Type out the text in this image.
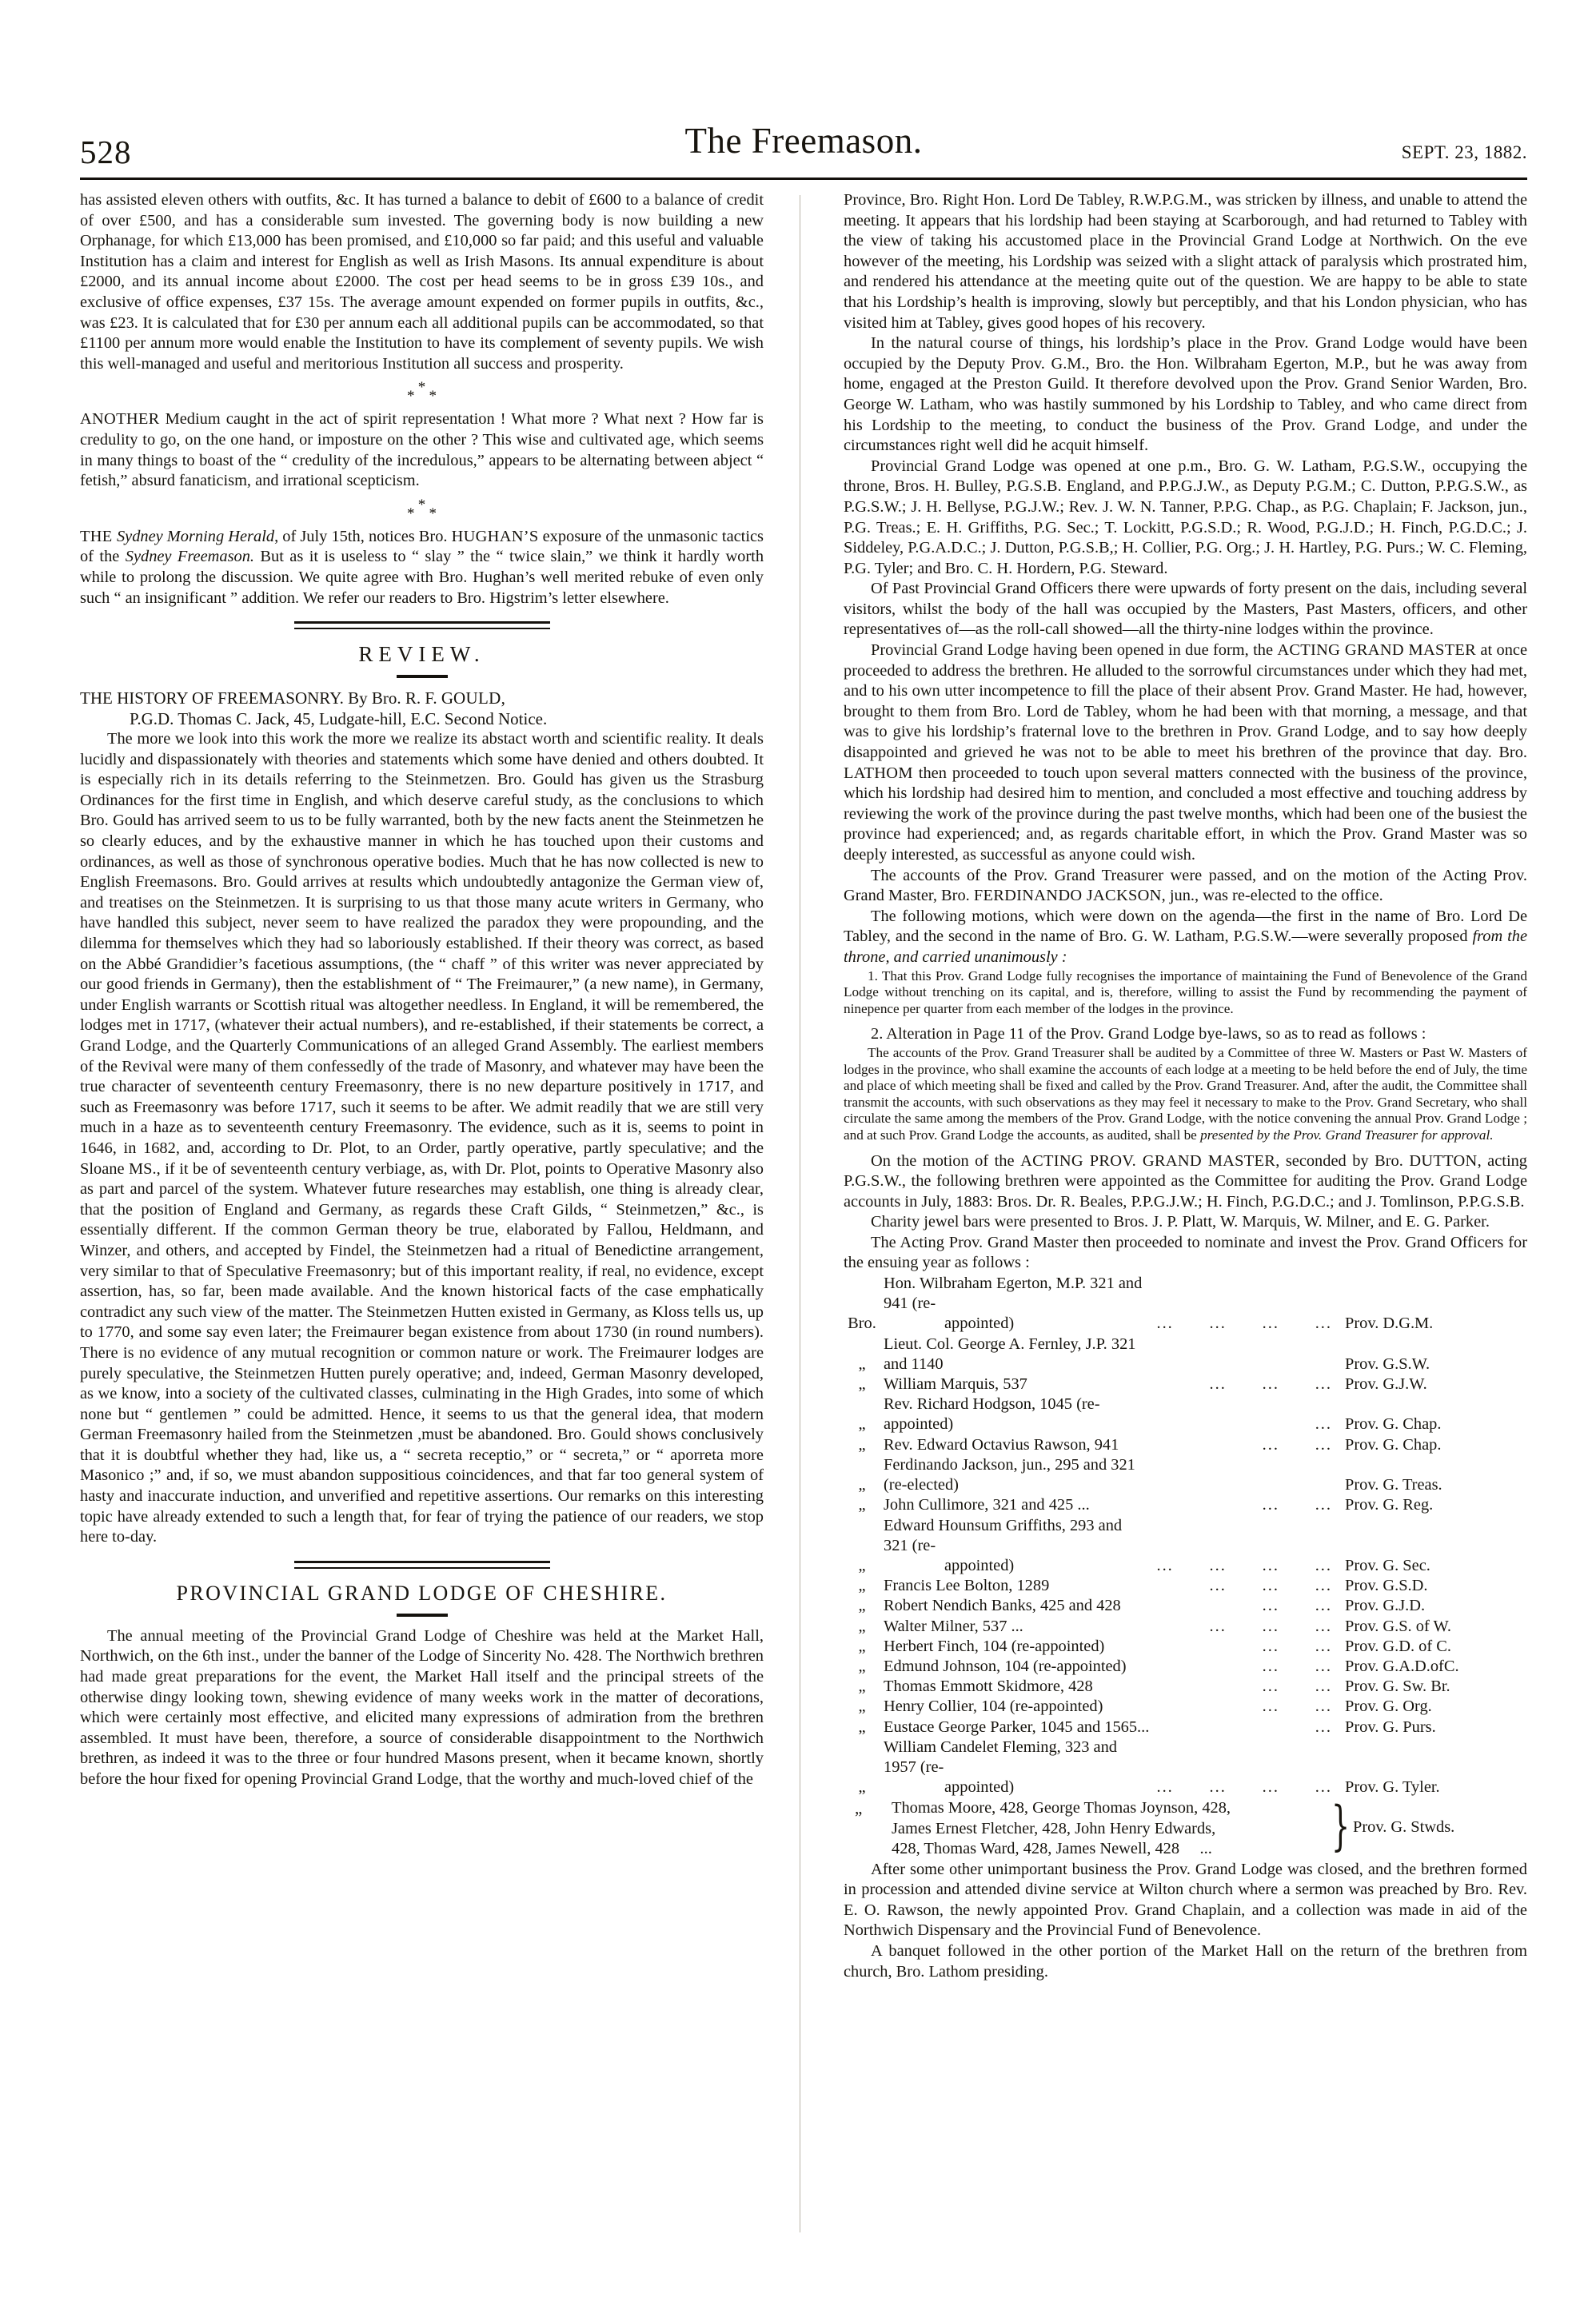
528	The Freemason.	SEPT. 23, 1882.

has assisted eleven others with outfits, &c. It has turned a balance to debit of £600 to a balance of credit of over £500, and has a considerable sum invested. The governing body is now building a new Orphanage, for which £13,000 has been promised, and £10,000 so far paid; and this useful and valuable Institution has a claim and interest for English as well as Irish Masons. Its annual expenditure is about £2000, and its annual income about £2000. The cost per head seems to be in gross £39 10s., and exclusive of office expenses, £37 15s. The average amount expended on former pupils in outfits, &c., was £23. It is calculated that for £30 per annum each all additional pupils can be accommodated, so that £1100 per annum more would enable the Institution to have its complement of seventy pupils. We wish this well-managed and useful and meritorious Institution all success and prosperity.

*
* *

ANOTHER Medium caught in the act of spirit representation ! What more ? What next ? How far is credulity to go, on the one hand, or imposture on the other ? This wise and cultivated age, which seems in many things to boast of the “ credulity of the incredulous,” appears to be alternating between abject “ fetish,” absurd fanaticism, and irrational scepticism.

*
* *

THE Sydney Morning Herald, of July 15th, notices Bro. HUGHAN’S exposure of the unmasonic tactics of the Sydney Freemason. But as it is useless to “ slay ” the “ twice slain,” we think it hardly worth while to prolong the discussion. We quite agree with Bro. Hughan’s well merited rebuke of even only such “ an insignificant ” addition. We refer our readers to Bro. Higstrim’s letter elsewhere.

REVIEW.

THE HISTORY OF FREEMASONRY. By Bro. R. F. GOULD,
P.G.D. Thomas C. Jack, 45, Ludgate-hill, E.C. Second Notice.

The more we look into this work the more we realize its abstact worth and scientific reality. It deals lucidly and dispassionately with theories and statements which some have denied and others doubted. It is especially rich in its details referring to the Steinmetzen. Bro. Gould has given us the Strasburg Ordinances for the first time in English, and which deserve careful study, as the conclusions to which Bro. Gould has arrived seem to us to be fully warranted, both by the new facts anent the Steinmetzen he so clearly educes, and by the exhaustive manner in which he has touched upon their customs and ordinances, as well as those of synchronous operative bodies. Much that he has now collected is new to English Freemasons. Bro. Gould arrives at results which undoubtedly antagonize the German view of, and treatises on the Steinmetzen. It is surprising to us that those many acute writers in Germany, who have handled this subject, never seem to have realized the paradox they were propounding, and the dilemma for themselves which they had so laboriously established. If their theory was correct, as based on the Abbé Grandidier’s facetious assumptions, (the “ chaff ” of this writer was never appreciated by our good friends in Germany), then the establishment of “ The Freimaurer,” (a new name), in Germany, under English warrants or Scottish ritual was altogether needless. In England, it will be remembered, the lodges met in 1717, (whatever their actual numbers), and re-established, if their statements be correct, a Grand Lodge, and the Quarterly Communications of an alleged Grand Assembly. The earliest members of the Revival were many of them confessedly of the trade of Masonry, and whatever may have been the true character of seventeenth century Freemasonry, there is no new departure positively in 1717, and such as Freemasonry was before 1717, such it seems to be after. We admit readily that we are still very much in a haze as to seventeenth century Freemasonry. The evidence, such as it is, seems to point in 1646, in 1682, and, according to Dr. Plot, to an Order, partly operative, partly speculative; and the Sloane MS., if it be of seventeenth century verbiage, as, with Dr. Plot, points to Operative Masonry also as part and parcel of the system. Whatever future researches may establish, one thing is already clear, that the position of England and Germany, as regards these Craft Gilds, “ Steinmetzen,” &c., is essentially different. If the common German theory be true, elaborated by Fallou, Heldmann, and Winzer, and others, and accepted by Findel, the Steinmetzen had a ritual of Benedictine arrangement, very similar to that of Speculative Freemasonry; but of this important reality, if real, no evidence, except assertion, has, so far, been made available. And the known historical facts of the case emphatically contradict any such view of the matter. The Steinmetzen Hutten existed in Germany, as Kloss tells us, up to 1770, and some say even later; the Freimaurer began existence from about 1730 (in round numbers). There is no evidence of any mutual recognition or common nature or work. The Freimaurer lodges are purely speculative, the Steinmetzen Hutten purely operative; and, indeed, German Masonry developed, as we know, into a society of the cultivated classes, culminating in the High Grades, into some of which none but “ gentlemen ” could be admitted. Hence, it seems to us that the general idea, that modern German Freemasonry hailed from the Steinmetzen ,must be abandoned. Bro. Gould shows conclusively that it is doubtful whether they had, like us, a “ secreta receptio,” or “ secreta,” or “ aporreta more Masonico ;” and, if so, we must abandon suppositious coincidences, and that far too general system of hasty and inaccurate induction, and unverified and repetitive assertions. Our remarks on this interesting topic have already extended to such a length that, for fear of trying the patience of our readers, we stop here to-day.

PROVINCIAL GRAND LODGE OF CHESHIRE.

The annual meeting of the Provincial Grand Lodge of Cheshire was held at the Market Hall, Northwich, on the 6th inst., under the banner of the Lodge of Sincerity No. 428. The Northwich brethren had made great preparations for the event, the Market Hall itself and the principal streets of the otherwise dingy looking town, shewing evidence of many weeks work in the matter of decorations, which were certainly most effective, and elicited many expressions of admiration from the brethren assembled. It must have been, therefore, a source of considerable disappointment to the Northwich brethren, as indeed it was to the three or four hundred Masons present, when it became known, shortly before the hour fixed for opening Provincial Grand Lodge, that the worthy and much-loved chief of the

Province, Bro. Right Hon. Lord De Tabley, R.W.P.G.M., was stricken by illness, and unable to attend the meeting. It appears that his lordship had been staying at Scarborough, and had returned to Tabley with the view of taking his accustomed place in the Provincial Grand Lodge at Northwich. On the eve however of the meeting, his Lordship was seized with a slight attack of paralysis which prostrated him, and rendered his attendance at the meeting quite out of the question. We are happy to be able to state that his Lordship’s health is improving, slowly but perceptibly, and that his London physician, who has visited him at Tabley, gives good hopes of his recovery.

In the natural course of things, his lordship’s place in the Prov. Grand Lodge would have been occupied by the Deputy Prov. G.M., Bro. the Hon. Wilbraham Egerton, M.P., but he was away from home, engaged at the Preston Guild. It therefore devolved upon the Prov. Grand Senior Warden, Bro. George W. Latham, who was hastily summoned by his Lordship to Tabley, and who came direct from his Lordship to the meeting, to conduct the business of the Prov. Grand Lodge, and under the circumstances right well did he acquit himself.

Provincial Grand Lodge was opened at one p.m., Bro. G. W. Latham, P.G.S.W., occupying the throne, Bros. H. Bulley, P.G.S.B. England, and P.P.G.J.W., as Deputy P.G.M.; C. Dutton, P.P.G.S.W., as P.G.S.W.; J. H. Bellyse, P.G.J.W.; Rev. J. W. N. Tanner, P.P.G. Chap., as P.G. Chaplain; F. Jackson, jun., P.G. Treas.; E. H. Griffiths, P.G. Sec.; T. Lockitt, P.G.S.D.; R. Wood, P.G.J.D.; H. Finch, P.G.D.C.; J. Siddeley, P.G.A.D.C.; J. Dutton, P.G.S.B,; H. Collier, P.G. Org.; J. H. Hartley, P.G. Purs.; W. C. Fleming, P.G. Tyler; and Bro. C. H. Hordern, P.G. Steward.

Of Past Provincial Grand Officers there were upwards of forty present on the dais, including several visitors, whilst the body of the hall was occupied by the Masters, Past Masters, officers, and other representatives of—as the roll-call showed—all the thirty-nine lodges within the province.

Provincial Grand Lodge having been opened in due form, the ACTING GRAND MASTER at once proceeded to address the brethren. He alluded to the sorrowful circumstances under which they had met, and to his own utter incompetence to fill the place of their absent Prov. Grand Master. He had, however, brought to them from Bro. Lord de Tabley, whom he had been with that morning, a message, and that was to give his lordship’s fraternal love to the brethren in Prov. Grand Lodge, and to say how deeply disappointed and grieved he was not to be able to meet his brethren of the province that day. Bro. LATHOM then proceeded to touch upon several matters connected with the business of the province, which his lordship had desired him to mention, and concluded a most effective and touching address by reviewing the work of the province during the past twelve months, which had been one of the busiest the province had experienced; and, as regards charitable effort, in which the Prov. Grand Master was so deeply interested, as successful as anyone could wish.

The accounts of the Prov. Grand Treasurer were passed, and on the motion of the Acting Prov. Grand Master, Bro. FERDINANDO JACKSON, jun., was re-elected to the office.

The following motions, which were down on the agenda—the first in the name of Bro. Lord De Tabley, and the second in the name of Bro. G. W. Latham, P.G.S.W.—were severally proposed from the throne, and carried unanimously :

1. That this Prov. Grand Lodge fully recognises the importance of maintaining the Fund of Benevolence of the Grand Lodge without trenching on its capital, and is, therefore, willing to assist the Fund by recommending the payment of ninepence per quarter from each member of the lodges in the province.

2. Alteration in Page 11 of the Prov. Grand Lodge bye-laws, so as to read as follows :

The accounts of the Prov. Grand Treasurer shall be audited by a Committee of three W. Masters or Past W. Masters of lodges in the province, who shall examine the accounts of each lodge at a meeting to be held before the end of July, the time and place of which meeting shall be fixed and called by the Prov. Grand Treasurer. And, after the audit, the Committee shall transmit the accounts, with such observations as they may feel it necessary to make to the Prov. Grand Secretary, who shall circulate the same among the members of the Prov. Grand Lodge, with the notice convening the annual Prov. Grand Lodge ; and at such Prov. Grand Lodge the accounts, as audited, shall be presented by the Prov. Grand Treasurer for approval.

On the motion of the ACTING PROV. GRAND MASTER, seconded by Bro. DUTTON, acting P.G.S.W., the following brethren were appointed as the Committee for auditing the Prov. Grand Lodge accounts in July, 1883: Bros. Dr. R. Beales, P.P.G.J.W.; H. Finch, P.G.D.C.; and J. Tomlinson, P.P.G.S.B.

Charity jewel bars were presented to Bros. J. P. Platt, W. Marquis, W. Milner, and E. G. Parker.

The Acting Prov. Grand Master then proceeded to nominate and invest the Prov. Grand Officers for the ensuing year as follows :

Bro.	Hon. Wilbraham Egerton, M.P. 321 and 941 (re-
appointed)	...  ...  ...  ...	Prov. D.G.M.
„	Lieut. Col. George A. Fernley, J.P. 321 and 1140		Prov. G.S.W.
„	William Marquis, 537	...  ...  ...	Prov. G.J.W.
„	Rev. Richard Hodgson, 1045 (re-appointed)	...	Prov. G. Chap.
„	Rev. Edward Octavius Rawson, 941	...  ...	Prov. G. Chap.
„	Ferdinando Jackson, jun., 295 and 321 (re-elected)		Prov. G. Treas.
„	John Cullimore, 321 and 425 ...	...  ...	Prov. G. Reg.
„	Edward Hounsum Griffiths, 293 and 321 (re-
appointed)	...  ...  ...  ...	Prov. G. Sec.
„	Francis Lee Bolton, 1289	...  ...  ...	Prov. G.S.D.
„	Robert Nendich Banks, 425 and 428	...  ...	Prov. G.J.D.
„	Walter Milner, 537 ...	...  ...  ...	Prov. G.S. of W.
„	Herbert Finch, 104 (re-appointed)	...  ...	Prov. G.D. of C.
„	Edmund Johnson, 104 (re-appointed)	...  ...	Prov. G.A.D.ofC.
„	Thomas Emmott Skidmore, 428	...  ...	Prov. G. Sw. Br.
„	Henry Collier, 104 (re-appointed)	...  ...	Prov. G. Org.
„	Eustace George Parker, 1045 and 1565...	...	Prov. G. Purs.
„	William Candelet Fleming, 323 and 1957 (re-
appointed)	...  ...  ...  ...	Prov. G. Tyler.
„ Thomas Moore, 428, George Thomas Joynson, 428,
James Ernest Fletcher, 428, John Henry Edwards,
428, Thomas Ward, 428, James Newell, 428  ...	} Prov. G. Stwds.

After some other unimportant business the Prov. Grand Lodge was closed, and the brethren formed in procession and attended divine service at Wilton church where a sermon was preached by Bro. Rev. E. O. Rawson, the newly appointed Prov. Grand Chaplain, and a collection was made in aid of the Northwich Dispensary and the Provincial Fund of Benevolence.

A banquet followed in the other portion of the Market Hall on the return of the brethren from church, Bro. Lathom presiding.
